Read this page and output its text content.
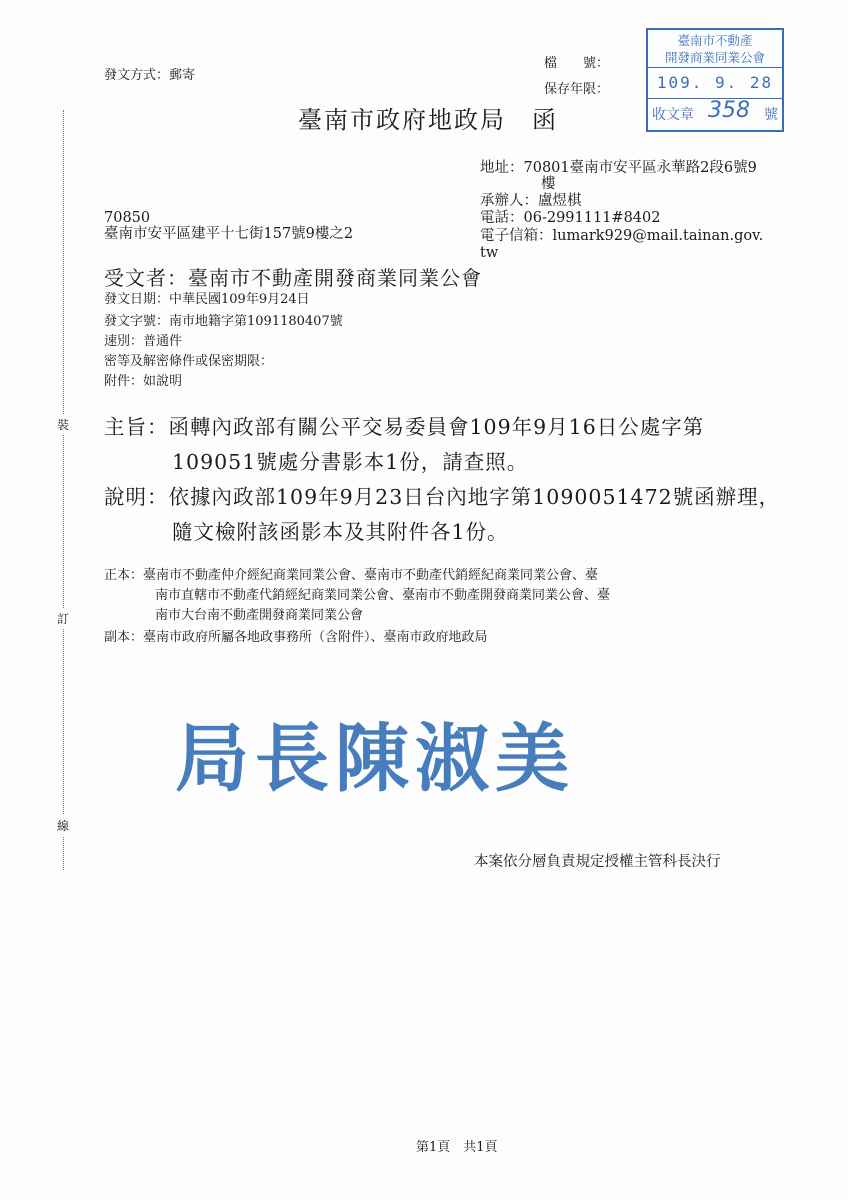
發文方式：郵寄
檔　　號：
保存年限：
臺南市政府地政局　函
臺南市不動產
開發商業同業公會
109. 9. 28
收文章 358 號
地址：70801臺南市安平區永華路2段6號9
樓
承辦人：盧煜棋
電話：06-2991111#8402
電子信箱：lumark929@mail.tainan.gov.
tw
70850
臺南市安平區建平十七街157號9樓之2
受文者：臺南市不動產開發商業同業公會
發文日期：中華民國109年9月24日
發文字號：南市地籍字第1091180407號
速別：普通件
密等及解密條件或保密期限：
附件：如說明
主旨：函轉內政部有關公平交易委員會109年9月16日公處字第
109051號處分書影本1份，請查照。
說明：依據內政部109年9月23日台內地字第1090051472號函辦理，
隨文檢附該函影本及其附件各1份。
正本：臺南市不動產仲介經紀商業同業公會、臺南市不動產代銷經紀商業同業公會、臺
南市直轄市不動產代銷經紀商業同業公會、臺南市不動產開發商業同業公會、臺
南市大台南不動產開發商業同業公會
副本：臺南市政府所屬各地政事務所（含附件）、臺南市政府地政局
局長陳淑美
本案依分層負責規定授權主管科長決行
裝
訂
線
第1頁　共1頁
